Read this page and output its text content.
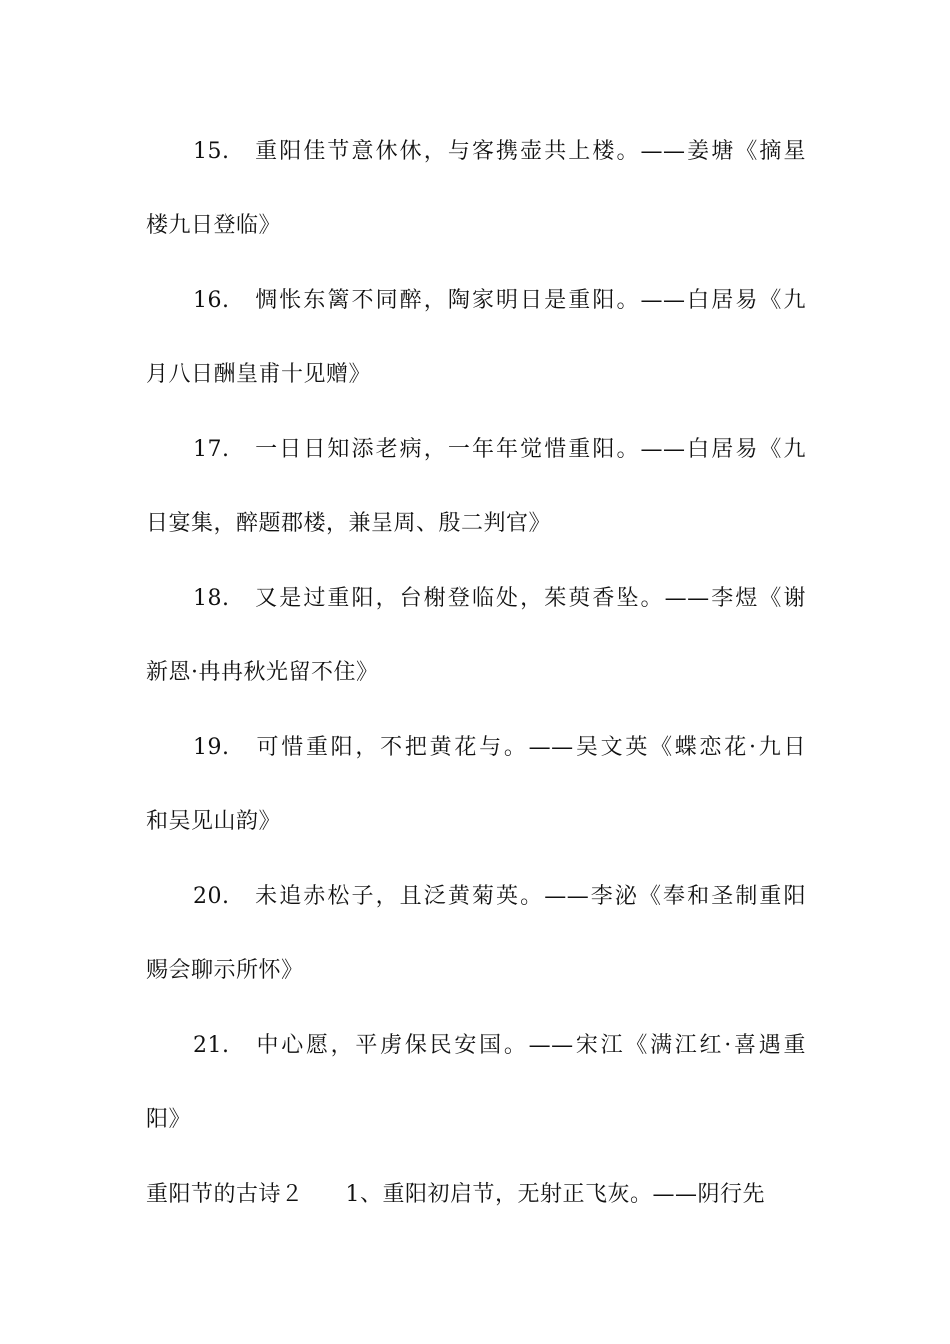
15.　重阳佳节意休休，与客携壶共上楼。——姜塘《摘星
楼九日登临》
16.　惆怅东篱不同醉，陶家明日是重阳。——白居易《九
月八日酬皇甫十见赠》
17.　一日日知添老病，一年年觉惜重阳。——白居易《九
日宴集，醉题郡楼，兼呈周、殷二判官》
18.　又是过重阳，台榭登临处，茱萸香坠。——李煜《谢
新恩·冉冉秋光留不住》
19.　可惜重阳，不把黄花与。——吴文英《蝶恋花·九日
和吴见山韵》
20.　未追赤松子，且泛黄菊英。——李泌《奉和圣制重阳
赐会聊示所怀》
21.　中心愿，平虏保民安国。——宋江《满江红·喜遇重
阳》
重阳节的古诗２ 1、重阳初启节，无射正飞灰。——阴行先
